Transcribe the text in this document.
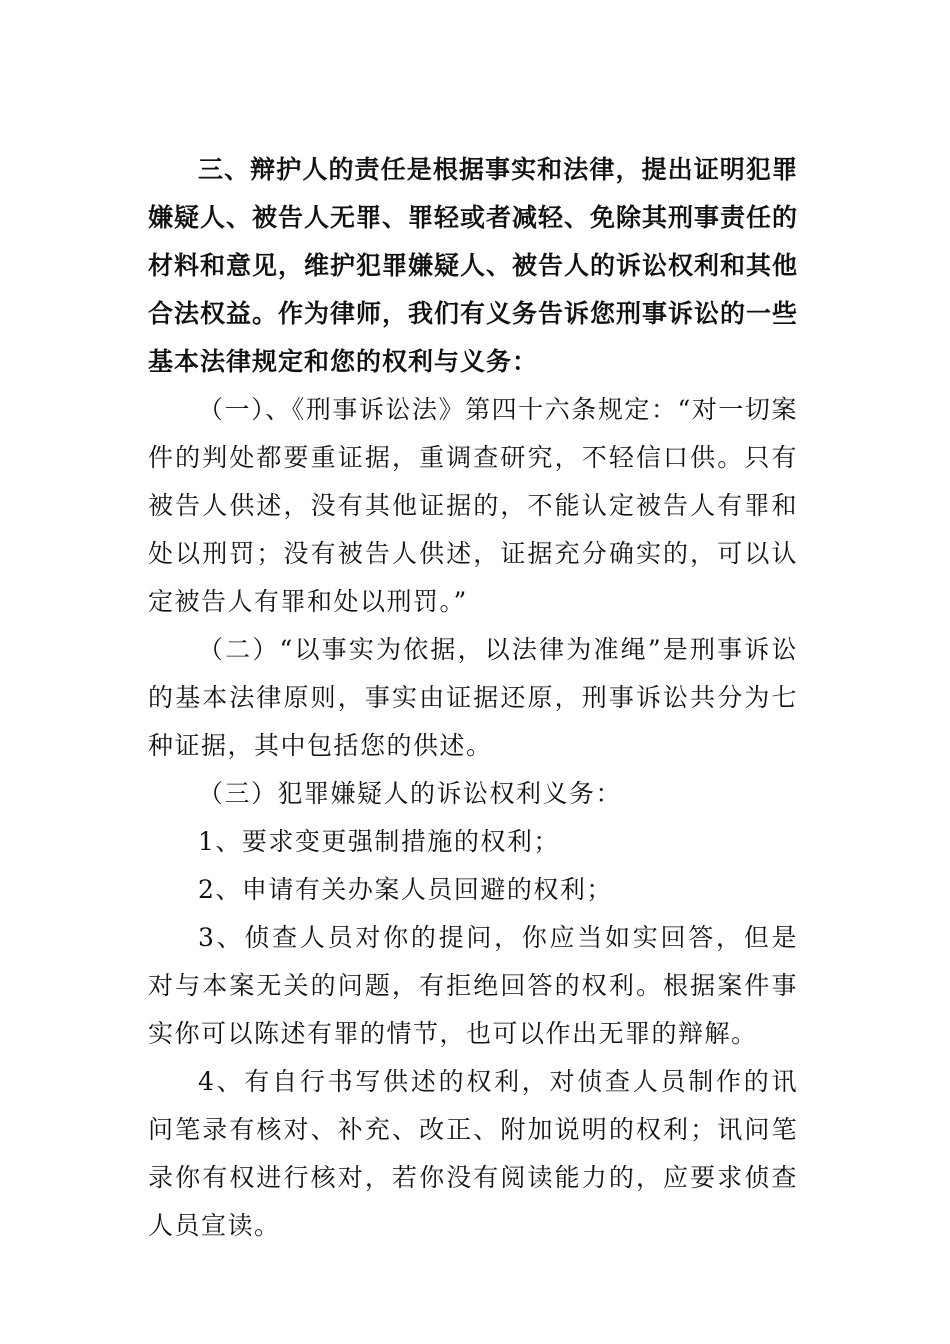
三、辩护人的责任是根据事实和法律，提出证明犯罪嫌疑人、被告人无罪、罪轻或者减轻、免除其刑事责任的材料和意见，维护犯罪嫌疑人、被告人的诉讼权利和其他合法权益。作为律师，我们有义务告诉您刑事诉讼的一些基本法律规定和您的权利与义务：

（一）、《刑事诉讼法》第四十六条规定：“对一切案件的判处都要重证据，重调查研究，不轻信口供。只有被告人供述，没有其他证据的，不能认定被告人有罪和处以刑罚；没有被告人供述，证据充分确实的，可以认定被告人有罪和处以刑罚。”

（二）“以事实为依据，以法律为准绳”是刑事诉讼的基本法律原则，事实由证据还原，刑事诉讼共分为七种证据，其中包括您的供述。

（三）犯罪嫌疑人的诉讼权利义务：

1、要求变更强制措施的权利；

2、申请有关办案人员回避的权利；

3、侦查人员对你的提问，你应当如实回答，但是对与本案无关的问题，有拒绝回答的权利。根据案件事实你可以陈述有罪的情节，也可以作出无罪的辩解。

4、有自行书写供述的权利，对侦查人员制作的讯问笔录有核对、补充、改正、附加说明的权利；讯问笔录你有权进行核对，若你没有阅读能力的，应要求侦查人员宣读。
